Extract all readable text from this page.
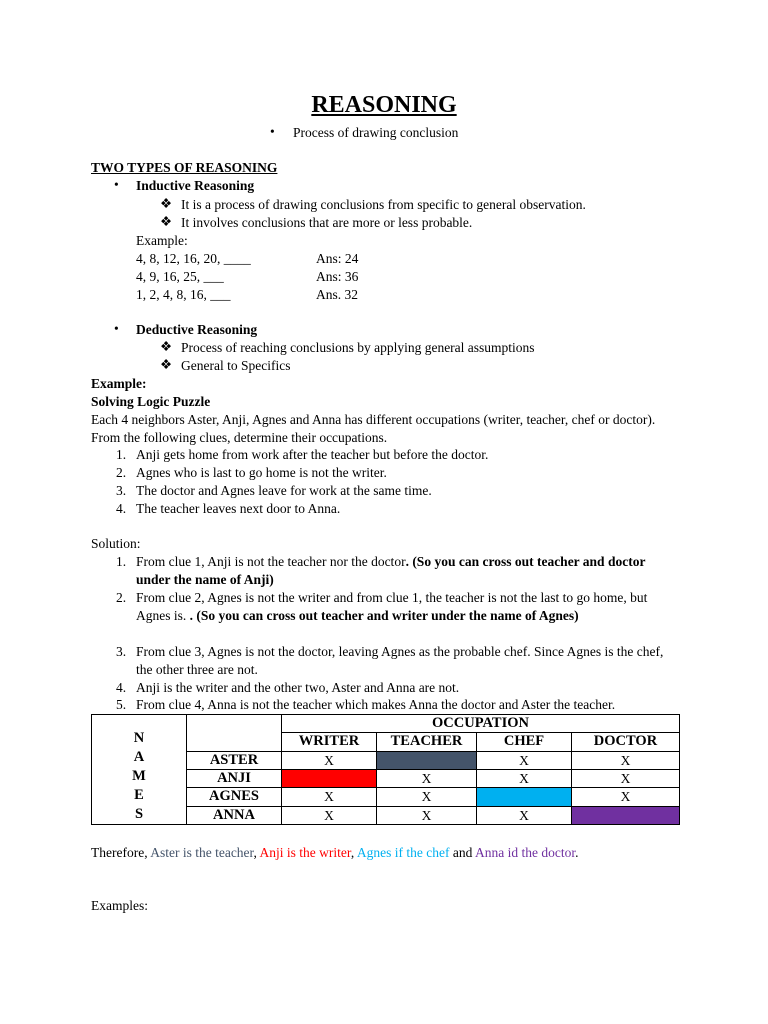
REASONING
• Process of drawing conclusion
TWO TYPES OF REASONING
• Inductive Reasoning
❖ It is a process of drawing conclusions from specific to general observation.
❖ It involves conclusions that are more or less probable.
Example:
4, 8, 12, 16, 20, ____	Ans: 24
4, 9, 16, 25, ___	Ans: 36
1, 2, 4, 8, 16, ___	Ans. 32
• Deductive Reasoning
❖ Process of reaching conclusions by applying general assumptions
❖ General to Specifics
Example:
Solving Logic Puzzle
Each 4 neighbors Aster, Anji, Agnes and Anna has different occupations (writer, teacher, chef or doctor). From the following clues, determine their occupations.
1. Anji gets home from work after the teacher but before the doctor.
2. Agnes who is last to go home is not the writer.
3. The doctor and Agnes leave for work at the same time.
4. The teacher leaves next door to Anna.
Solution:
1. From clue 1, Anji is not the teacher nor the doctor. (So you can cross out teacher and doctor under the name of Anji)
2. From clue 2, Agnes is not the writer and from clue 1, the teacher is not the last to go home, but Agnes is. . (So you can cross out teacher and writer under the name of Agnes)
3. From clue 3, Agnes is not the doctor, leaving Agnes as the probable chef. Since Agnes is the chef, the other three are not.
4. Anji is the writer and the other two, Aster and Anna are not.
5. From clue 4, Anna is not the teacher which makes Anna the doctor and Aster the teacher.
N
A
M
E
S		OCCUPATION			
		WRITER	TEACHER	CHEF	DOCTOR
	ASTER	X		X	X
	ANJI		X	X	X
	AGNES	X	X		X
	ANNA	X	X	X	
Therefore, Aster is the teacher, Anji is the writer, Agnes if the chef and Anna id the doctor.
Examples:
